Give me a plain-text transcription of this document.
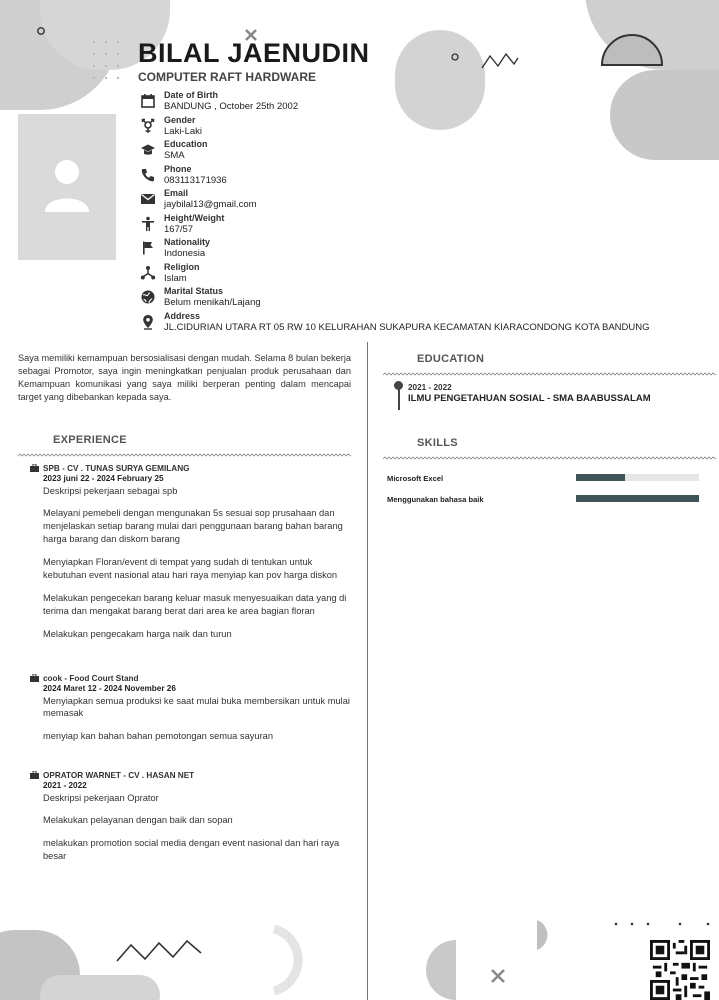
BILAL JAENUDIN
COMPUTER RAFT HARDWARE
Date of Birth
BANDUNG , October 25th 2002
Gender
Laki-Laki
Education
SMA
Phone
083113171936
Email
jaybilal13@gmail.com
Height/Weight
167/57
Nationality
Indonesia
Religion
Islam
Marital Status
Belum menikah/Lajang
Address
JL.CIDURIAN UTARA RT 05 RW 10 KELURAHAN SUKAPURA KECAMATAN KIARACONDONG KOTA BANDUNG
Saya memiliki kemampuan bersosialisasi dengan mudah. Selama 8 bulan bekerja sebagai Promotor, saya ingin meningkatkan penjualan produk perusahaan dan Kemampuan komunikasi yang saya miliki berperan penting dalam mencapai target yang dibebankan kepada saya.
EXPERIENCE
SPB - CV . TUNAS SURYA GEMILANG
2023 juni 22 - 2024 February 25
Deskripsi pekerjaan sebagai spb
Melayani pemebeli dengan mengunakan 5s sesuai sop prusahaan dan menjelaskan setiap barang mulai dari penggunaan barang bahan barang harga barang dan diskom barang
Menyiapkan Floran/event di tempat yang sudah di tentukan untuk kebutuhan event nasional atau hari raya menyiap kan pov harga diskon
Melakukan pengecekan barang keluar masuk menyesuaikan data yang di terima dan mengakat barang berat dari area ke area bagian floran
Melakukan pengecakam harga naik dan turun
cook - Food Court Stand
2024 Maret 12 - 2024 November 26
Menyiapkan semua produksi ke saat mulai buka membersikan untuk mulai memasak
menyiap kan bahan bahan pemotongan semua sayuran
OPRATOR WARNET - CV . HASAN NET
2021 - 2022
Deskripsi pekerjaan Oprator
Melakukan pelayanan dengan baik dan sopan
melakukan promotion social media dengan event nasional dan hari raya besar
EDUCATION
2021 - 2022
ILMU PENGETAHUAN SOSIAL - SMA BAABUSSALAM
SKILLS
Microsoft Excel
Menggunakan bahasa baik
